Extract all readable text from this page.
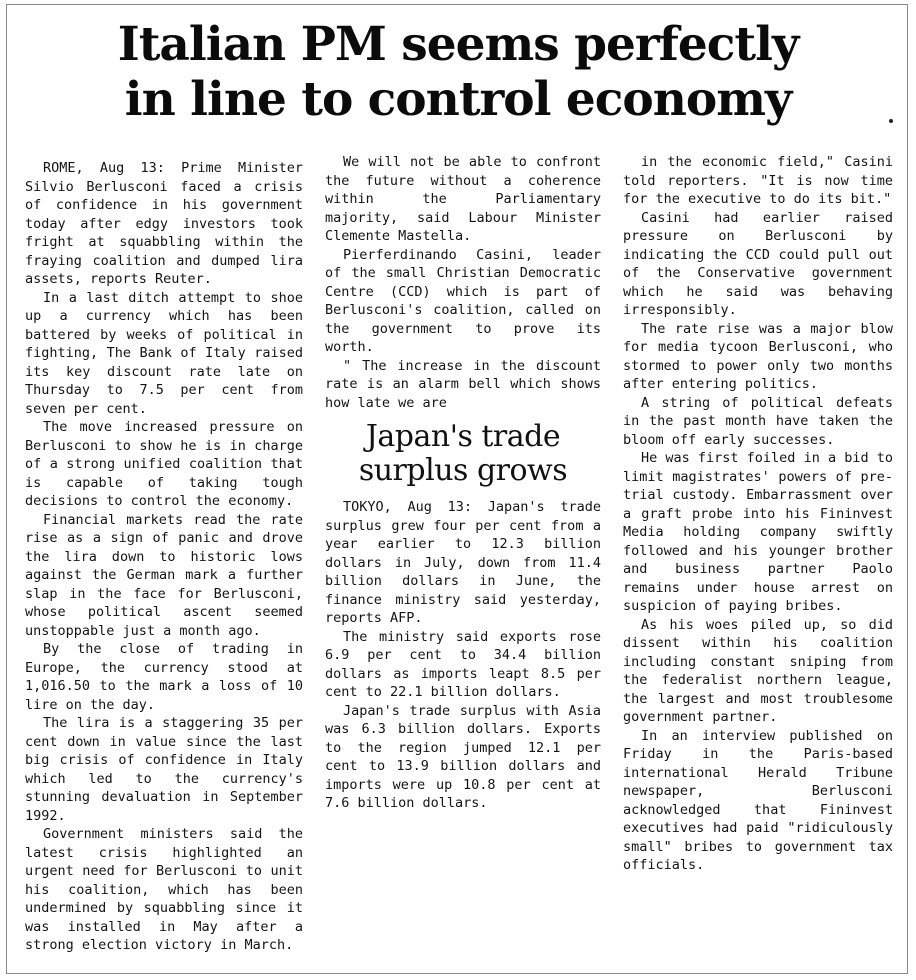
Italian PM seems perfectly
in line to control economy

ROME, Aug 13: Prime Minister Silvio Berlusconi faced a crisis of confidence in his government today after edgy investors took fright at squabbling within the fraying coalition and dumped lira assets, reports Reuter.

In a last ditch attempt to shoe up a currency which has been battered by weeks of political in fighting, The Bank of Italy raised its key discount rate late on Thursday to 7.5 per cent from seven per cent.

The move increased pressure on Berlusconi to show he is in charge of a strong unified coalition that is capable of taking tough decisions to control the economy.

Financial markets read the rate rise as a sign of panic and drove the lira down to historic lows against the German mark a further slap in the face for Berlusconi, whose political ascent seemed unstoppable just a month ago.

By the close of trading in Europe, the currency stood at 1,016.50 to the mark a loss of 10 lire on the day.

The lira is a staggering 35 per cent down in value since the last big crisis of confidence in Italy which led to the currency's stunning devaluation in September 1992.

Government ministers said the latest crisis highlighted an urgent need for Berlusconi to unit his coalition, which has been undermined by squabbling since it was installed in May after a strong election victory in March.

We will not be able to confront the future without a coherence within the Parliamentary majority, said Labour Minister Clemente Mastella.

Pierferdinando Casini, leader of the small Christian Democratic Centre (CCD) which is part of Berlusconi's coalition, called on the government to prove its worth.

" The increase in the discount rate is an alarm bell which shows how late we are

Japan's trade
surplus grows

TOKYO, Aug 13: Japan's trade surplus grew four per cent from a year earlier to 12.3 billion dollars in July, down from 11.4 billion dollars in June, the finance ministry said yesterday, reports AFP.

The ministry said exports rose 6.9 per cent to 34.4 billion dollars as imports leapt 8.5 per cent to 22.1 billion dollars.

Japan's trade surplus with Asia was 6.3 billion dollars. Exports to the region jumped 12.1 per cent to 13.9 billion dollars and imports were up 10.8 per cent at 7.6 billion dollars.

in the economic field," Casini told reporters. "It is now time for the executive to do its bit."

Casini had earlier raised pressure on Berlusconi by indicating the CCD could pull out of the Conservative government which he said was behaving irresponsibly.

The rate rise was a major blow for media tycoon Berlusconi, who stormed to power only two months after entering politics.

A string of political defeats in the past month have taken the bloom off early successes.

He was first foiled in a bid to limit magistrates' powers of pre-trial custody. Embarrassment over a graft probe into his Fininvest Media holding company swiftly followed and his younger brother and business partner Paolo remains under house arrest on suspicion of paying bribes.

As his woes piled up, so did dissent within his coalition including constant sniping from the federalist northern league, the largest and most troublesome government partner.

In an interview published on Friday in the Paris-based international Herald Tribune newspaper, Berlusconi acknowledged that Fininvest executives had paid "ridiculously small" bribes to government tax officials.
